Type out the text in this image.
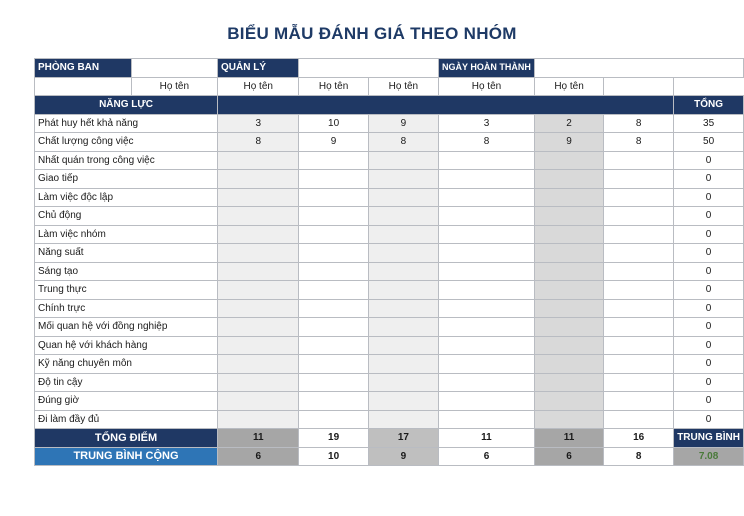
BIỂU MẪU ĐÁNH GIÁ THEO NHÓM
PHÒNG BAN		QUẢN LÝ			NGÀY HOÀN THÀNH			
	Họ tên	Họ tên	Họ tên	Họ tên	Họ tên	Họ tên		
NĂNG LỰC								TỔNG
Phát huy hết khả năng		3	10	9	3	2	8	35
Chất lượng công việc		8	9	8	8	9	8	50
Nhất quán trong công việc								0
Giao tiếp								0
Làm việc độc lập								0
Chủ động								0
Làm việc nhóm								0
Năng suất								0
Sáng tạo								0
Trung thực								0
Chính trực								0
Mối quan hệ với đồng nghiệp								0
Quan hệ với khách hàng								0
Kỹ năng chuyên môn								0
Độ tin cậy								0
Đúng giờ								0
Đi làm đầy đủ								0
TỔNG ĐIỂM		11	19	17	11	11	16	TRUNG BÌNH
TRUNG BÌNH CỘNG		6	10	9	6	6	8	7.08
